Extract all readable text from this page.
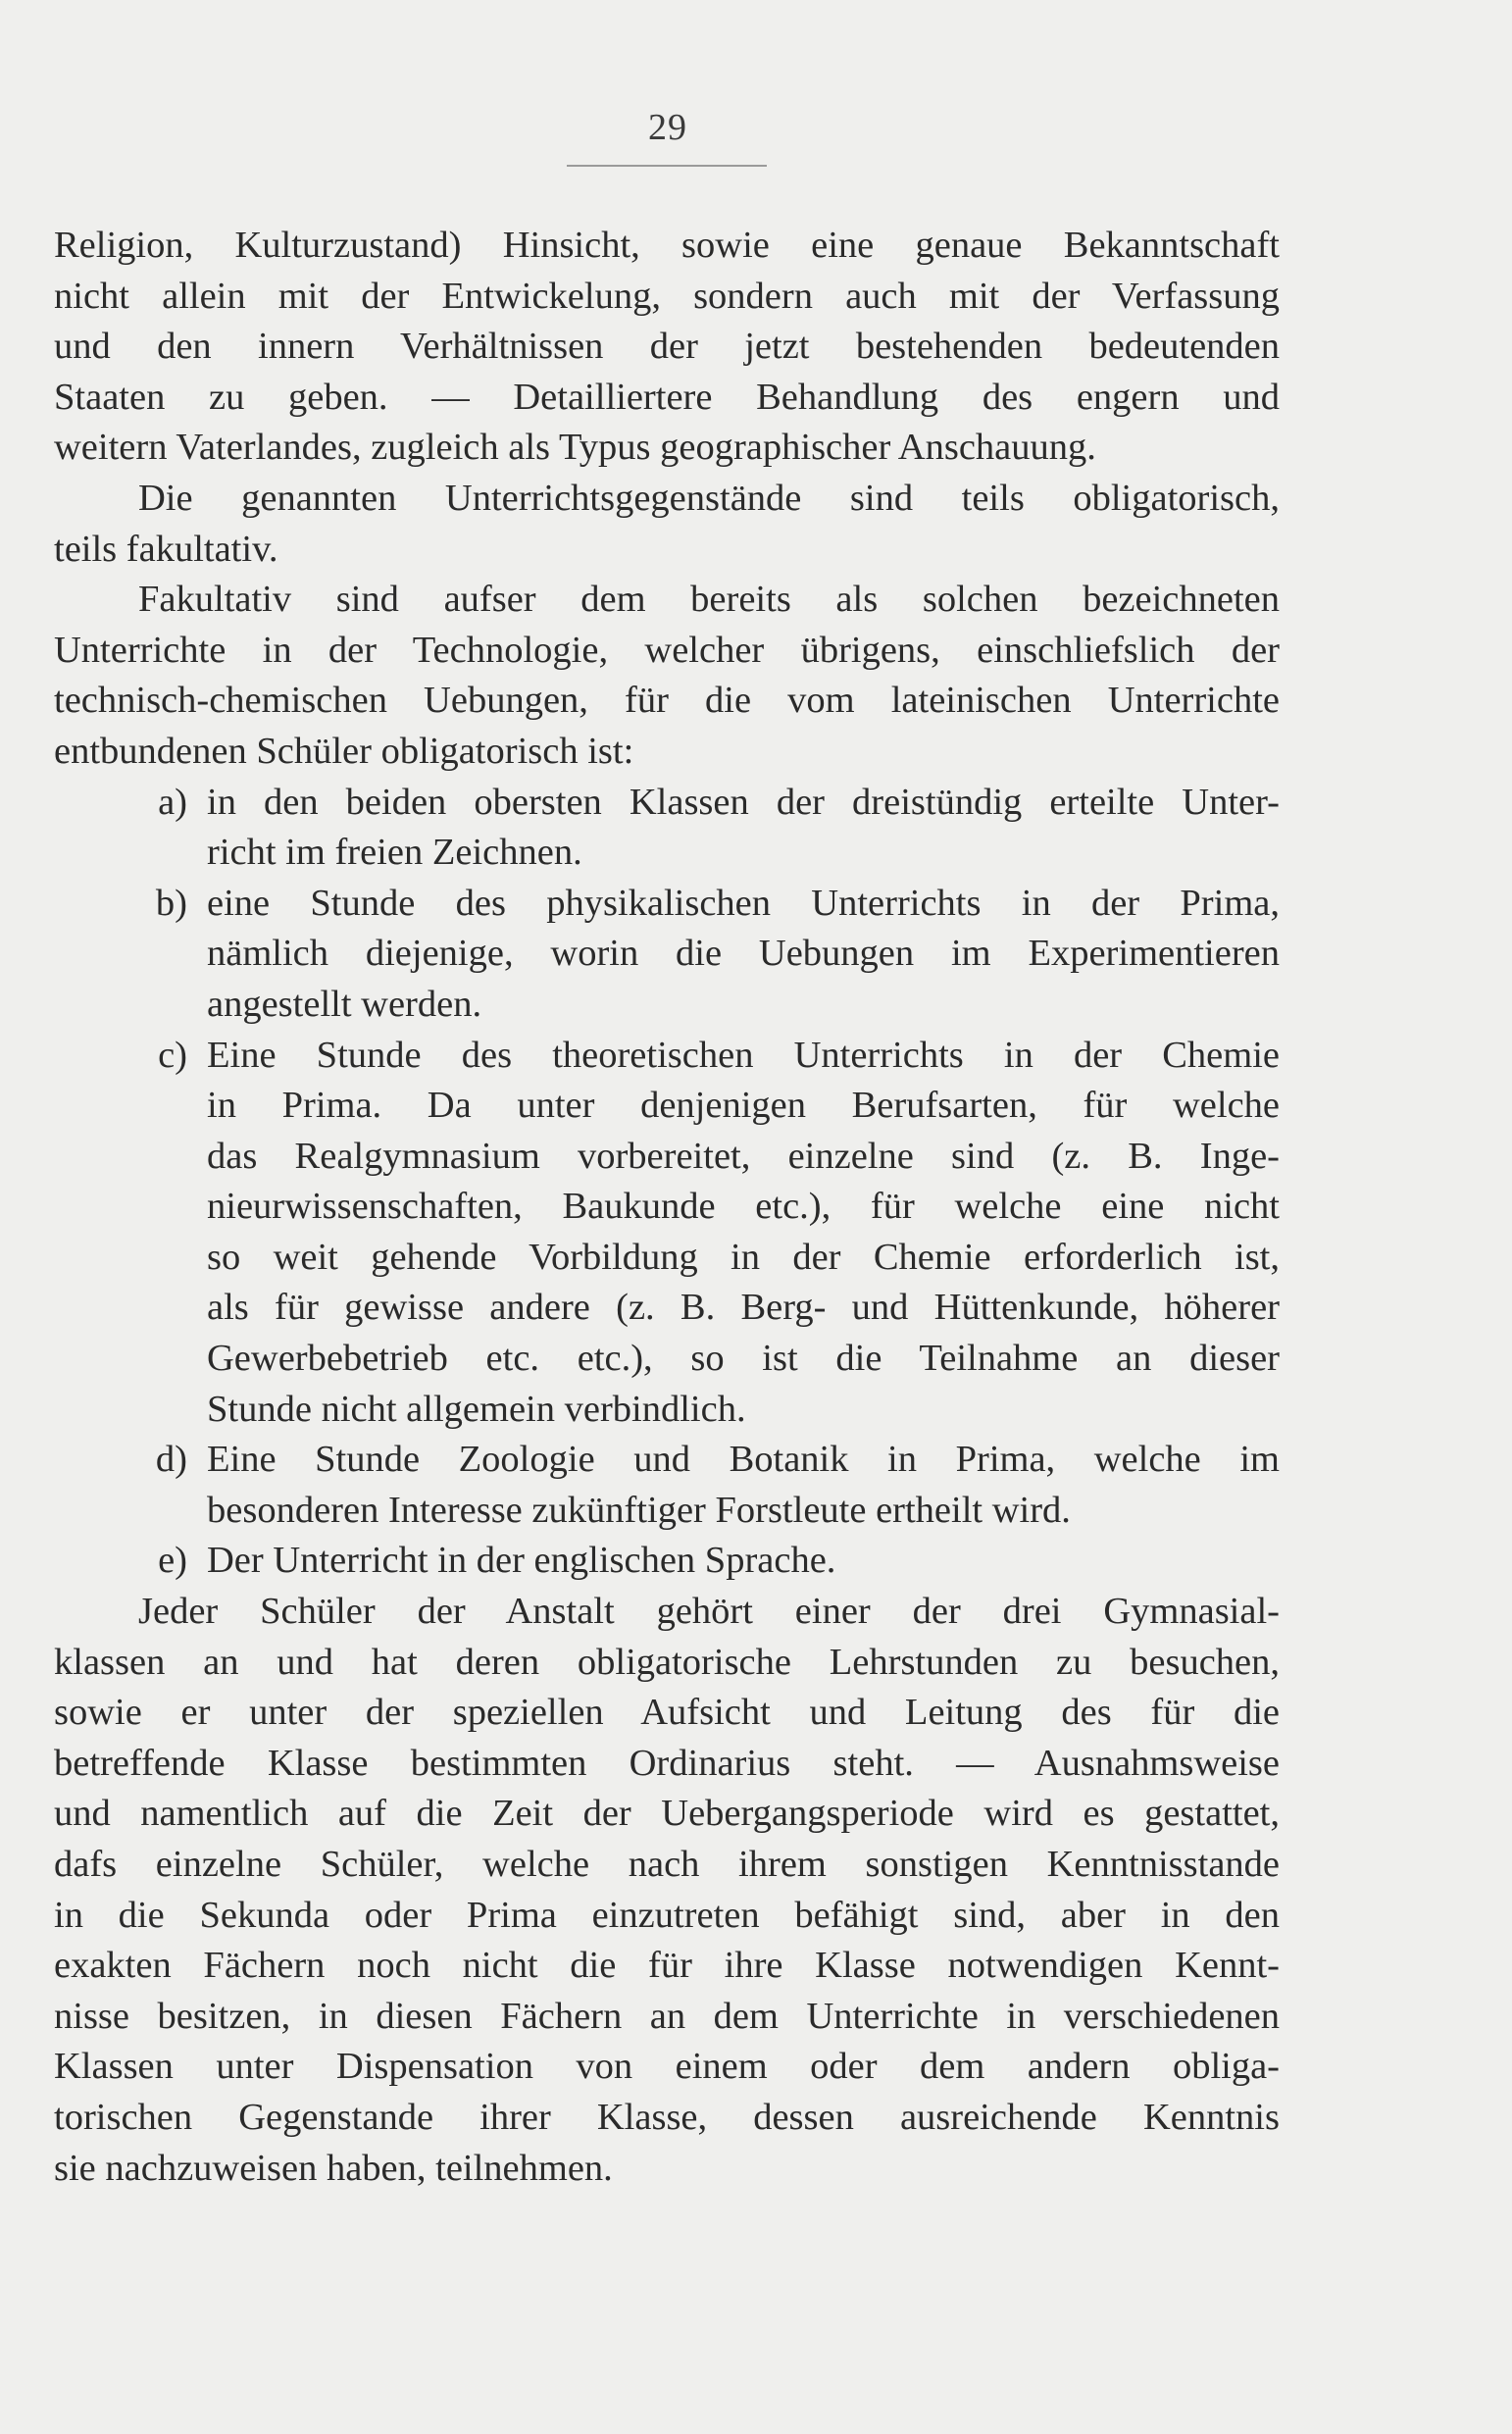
29
Religion, Kulturzustand) Hinsicht, sowie eine genaue Bekanntschaft
nicht allein mit der Entwickelung, sondern auch mit der Verfassung
und den innern Verhältnissen der jetzt bestehenden bedeutenden
Staaten zu geben. — Detailliertere Behandlung des engern und
weitern Vaterlandes, zugleich als Typus geographischer Anschauung.
Die genannten Unterrichtsgegenstände sind teils obligatorisch,
teils fakultativ.
Fakultativ sind aufser dem bereits als solchen bezeichneten
Unterrichte in der Technologie, welcher übrigens, einschliefslich der
technisch-chemischen Uebungen, für die vom lateinischen Unterrichte
entbundenen Schüler obligatorisch ist:
a) in den beiden obersten Klassen der dreistündig erteilte Unter-
richt im freien Zeichnen.
b) eine Stunde des physikalischen Unterrichts in der Prima,
nämlich diejenige, worin die Uebungen im Experimentieren
angestellt werden.
c) Eine Stunde des theoretischen Unterrichts in der Chemie
in Prima. Da unter denjenigen Berufsarten, für welche
das Realgymnasium vorbereitet, einzelne sind (z. B. Inge-
nieurwissenschaften, Baukunde etc.), für welche eine nicht
so weit gehende Vorbildung in der Chemie erforderlich ist,
als für gewisse andere (z. B. Berg- und Hüttenkunde, höherer
Gewerbebetrieb etc. etc.), so ist die Teilnahme an dieser
Stunde nicht allgemein verbindlich.
d) Eine Stunde Zoologie und Botanik in Prima, welche im
besonderen Interesse zukünftiger Forstleute ertheilt wird.
e) Der Unterricht in der englischen Sprache.
Jeder Schüler der Anstalt gehört einer der drei Gymnasial-
klassen an und hat deren obligatorische Lehrstunden zu besuchen,
sowie er unter der speziellen Aufsicht und Leitung des für die
betreffende Klasse bestimmten Ordinarius steht. — Ausnahmsweise
und namentlich auf die Zeit der Uebergangsperiode wird es gestattet,
dafs einzelne Schüler, welche nach ihrem sonstigen Kenntnisstande
in die Sekunda oder Prima einzutreten befähigt sind, aber in den
exakten Fächern noch nicht die für ihre Klasse notwendigen Kennt-
nisse besitzen, in diesen Fächern an dem Unterrichte in verschiedenen
Klassen unter Dispensation von einem oder dem andern obliga-
torischen Gegenstande ihrer Klasse, dessen ausreichende Kenntnis
sie nachzuweisen haben, teilnehmen.
